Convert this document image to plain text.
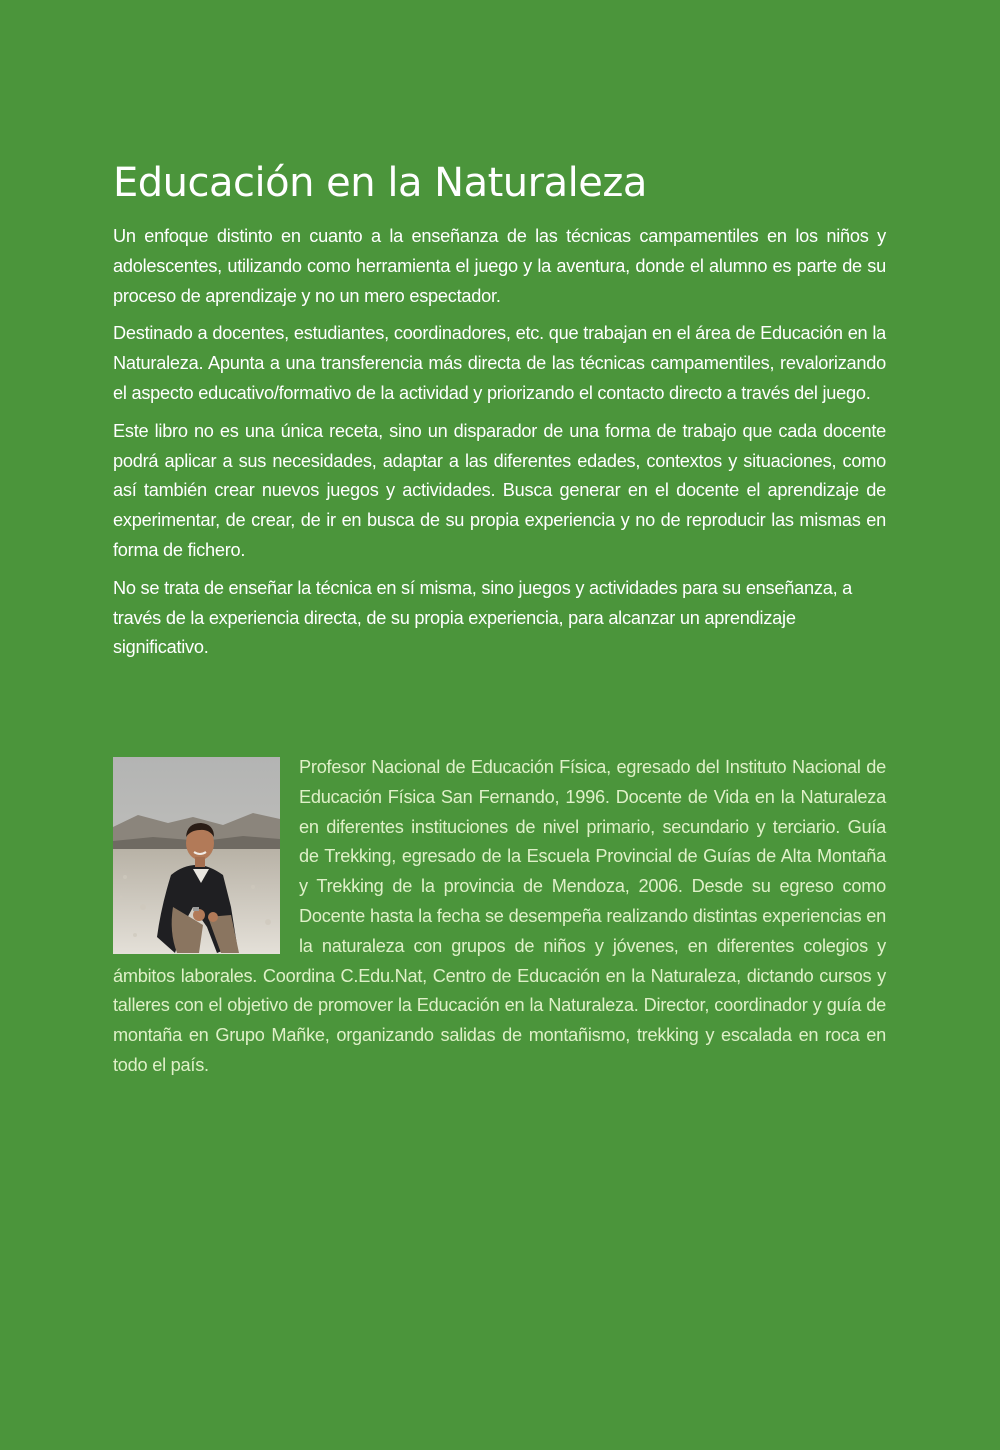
Educación en la Naturaleza

Un enfoque distinto en cuanto a la enseñanza de las técnicas campamentiles en los niños y adolescentes, utilizando como herramienta el juego y la aventura, donde el alumno es parte de su proceso de aprendizaje y no un mero espectador.

Destinado a docentes, estudiantes, coordinadores, etc. que trabajan en el área de Educación en la Naturaleza. Apunta a una transferencia más directa de las técnicas campamentiles, revalorizando el aspecto educativo/formativo de la actividad y priorizando el contacto directo a través del juego.

Este libro no es una única receta, sino un disparador de una forma de trabajo que cada docente podrá aplicar a sus necesidades, adaptar a las diferentes edades, contextos y situaciones, como así también crear nuevos juegos y actividades. Busca generar en el docente el aprendizaje de experimentar, de crear, de ir en busca de su propia experiencia y no de reproducir las mismas en forma de fichero.

No se trata de enseñar la técnica en sí misma, sino juegos y actividades para su enseñanza, a través de la experiencia directa, de su propia experiencia, para alcanzar un aprendizaje significativo.

Profesor Nacional de Educación Física, egresado del Instituto Nacional de Educación Física San Fernando, 1996. Docente de Vida en la Naturaleza en diferentes instituciones de nivel primario, secundario y terciario. Guía de Trekking, egresado de la Escuela Provincial de Guías de Alta Montaña y Trekking de la provincia de Mendoza, 2006. Desde su egreso como Docente hasta la fecha se desempeña realizando distintas experiencias en la naturaleza con grupos de niños y jóvenes, en diferentes colegios y ámbitos laborales. Coordina C.Edu.Nat, Centro de Educación en la Naturaleza, dictando cursos y talleres con el objetivo de promover la Educación en la Naturaleza. Director, coordinador y guía de montaña en Grupo Mañke, organizando salidas de montañismo, trekking y escalada en roca en todo el país.
